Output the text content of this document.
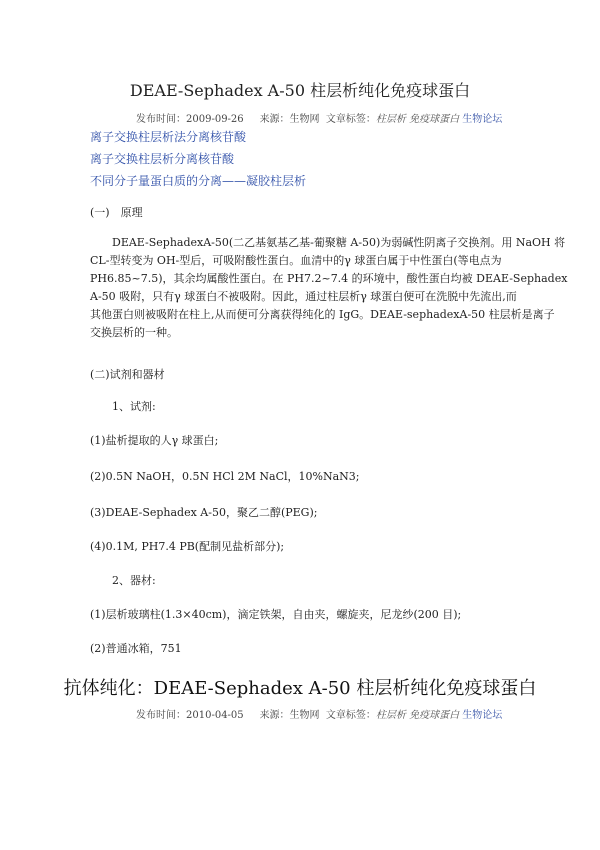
DEAE-Sephadex A-50 柱层析纯化免疫球蛋白
发布时间：2009-09-26 来源：生物网 文章标签：柱层析 免疫球蛋白 生物论坛
离子交换柱层析法分离核苷酸
离子交换柱层析分离核苷酸
不同分子量蛋白质的分离——凝胶柱层析
(一)　原理
DEAE-SephadexA-50(二乙基氨基乙基-葡聚糖 A-50)为弱碱性阴离子交换剂。用 NaOH 将
CL-型转变为 OH-型后，可吸附酸性蛋白。血清中的γ 球蛋白属于中性蛋白(等电点为
PH6.85~7.5)，其余均属酸性蛋白。在 PH7.2~7.4 的环境中，酸性蛋白均被 DEAE-Sephadex
A-50 吸附，只有γ 球蛋白不被吸附。因此，通过柱层析γ 球蛋白便可在洗脱中先流出,而
其他蛋白则被吸附在柱上,从而便可分离获得纯化的 IgG。DEAE-sephadexA-50 柱层析是离子
交换层析的一种。
(二)试剂和器材
1、试剂:
(1)盐析提取的人γ 球蛋白;
(2)0.5N NaOH，0.5N HCl 2M NaCl，10%NaN3;
(3)DEAE-Sephadex A-50，聚乙二醇(PEG);
(4)0.1M, PH7.4 PB(配制见盐析部分);
2、器材:
(1)层析玻璃柱(1.3×40cm)，滴定铁架，自由夹，螺旋夹，尼龙纱(200 目);
(2)普通冰箱，751
抗体纯化：DEAE-Sephadex A-50 柱层析纯化免疫球蛋白
发布时间：2010-04-05 来源：生物网 文章标签：柱层析 免疫球蛋白 生物论坛
